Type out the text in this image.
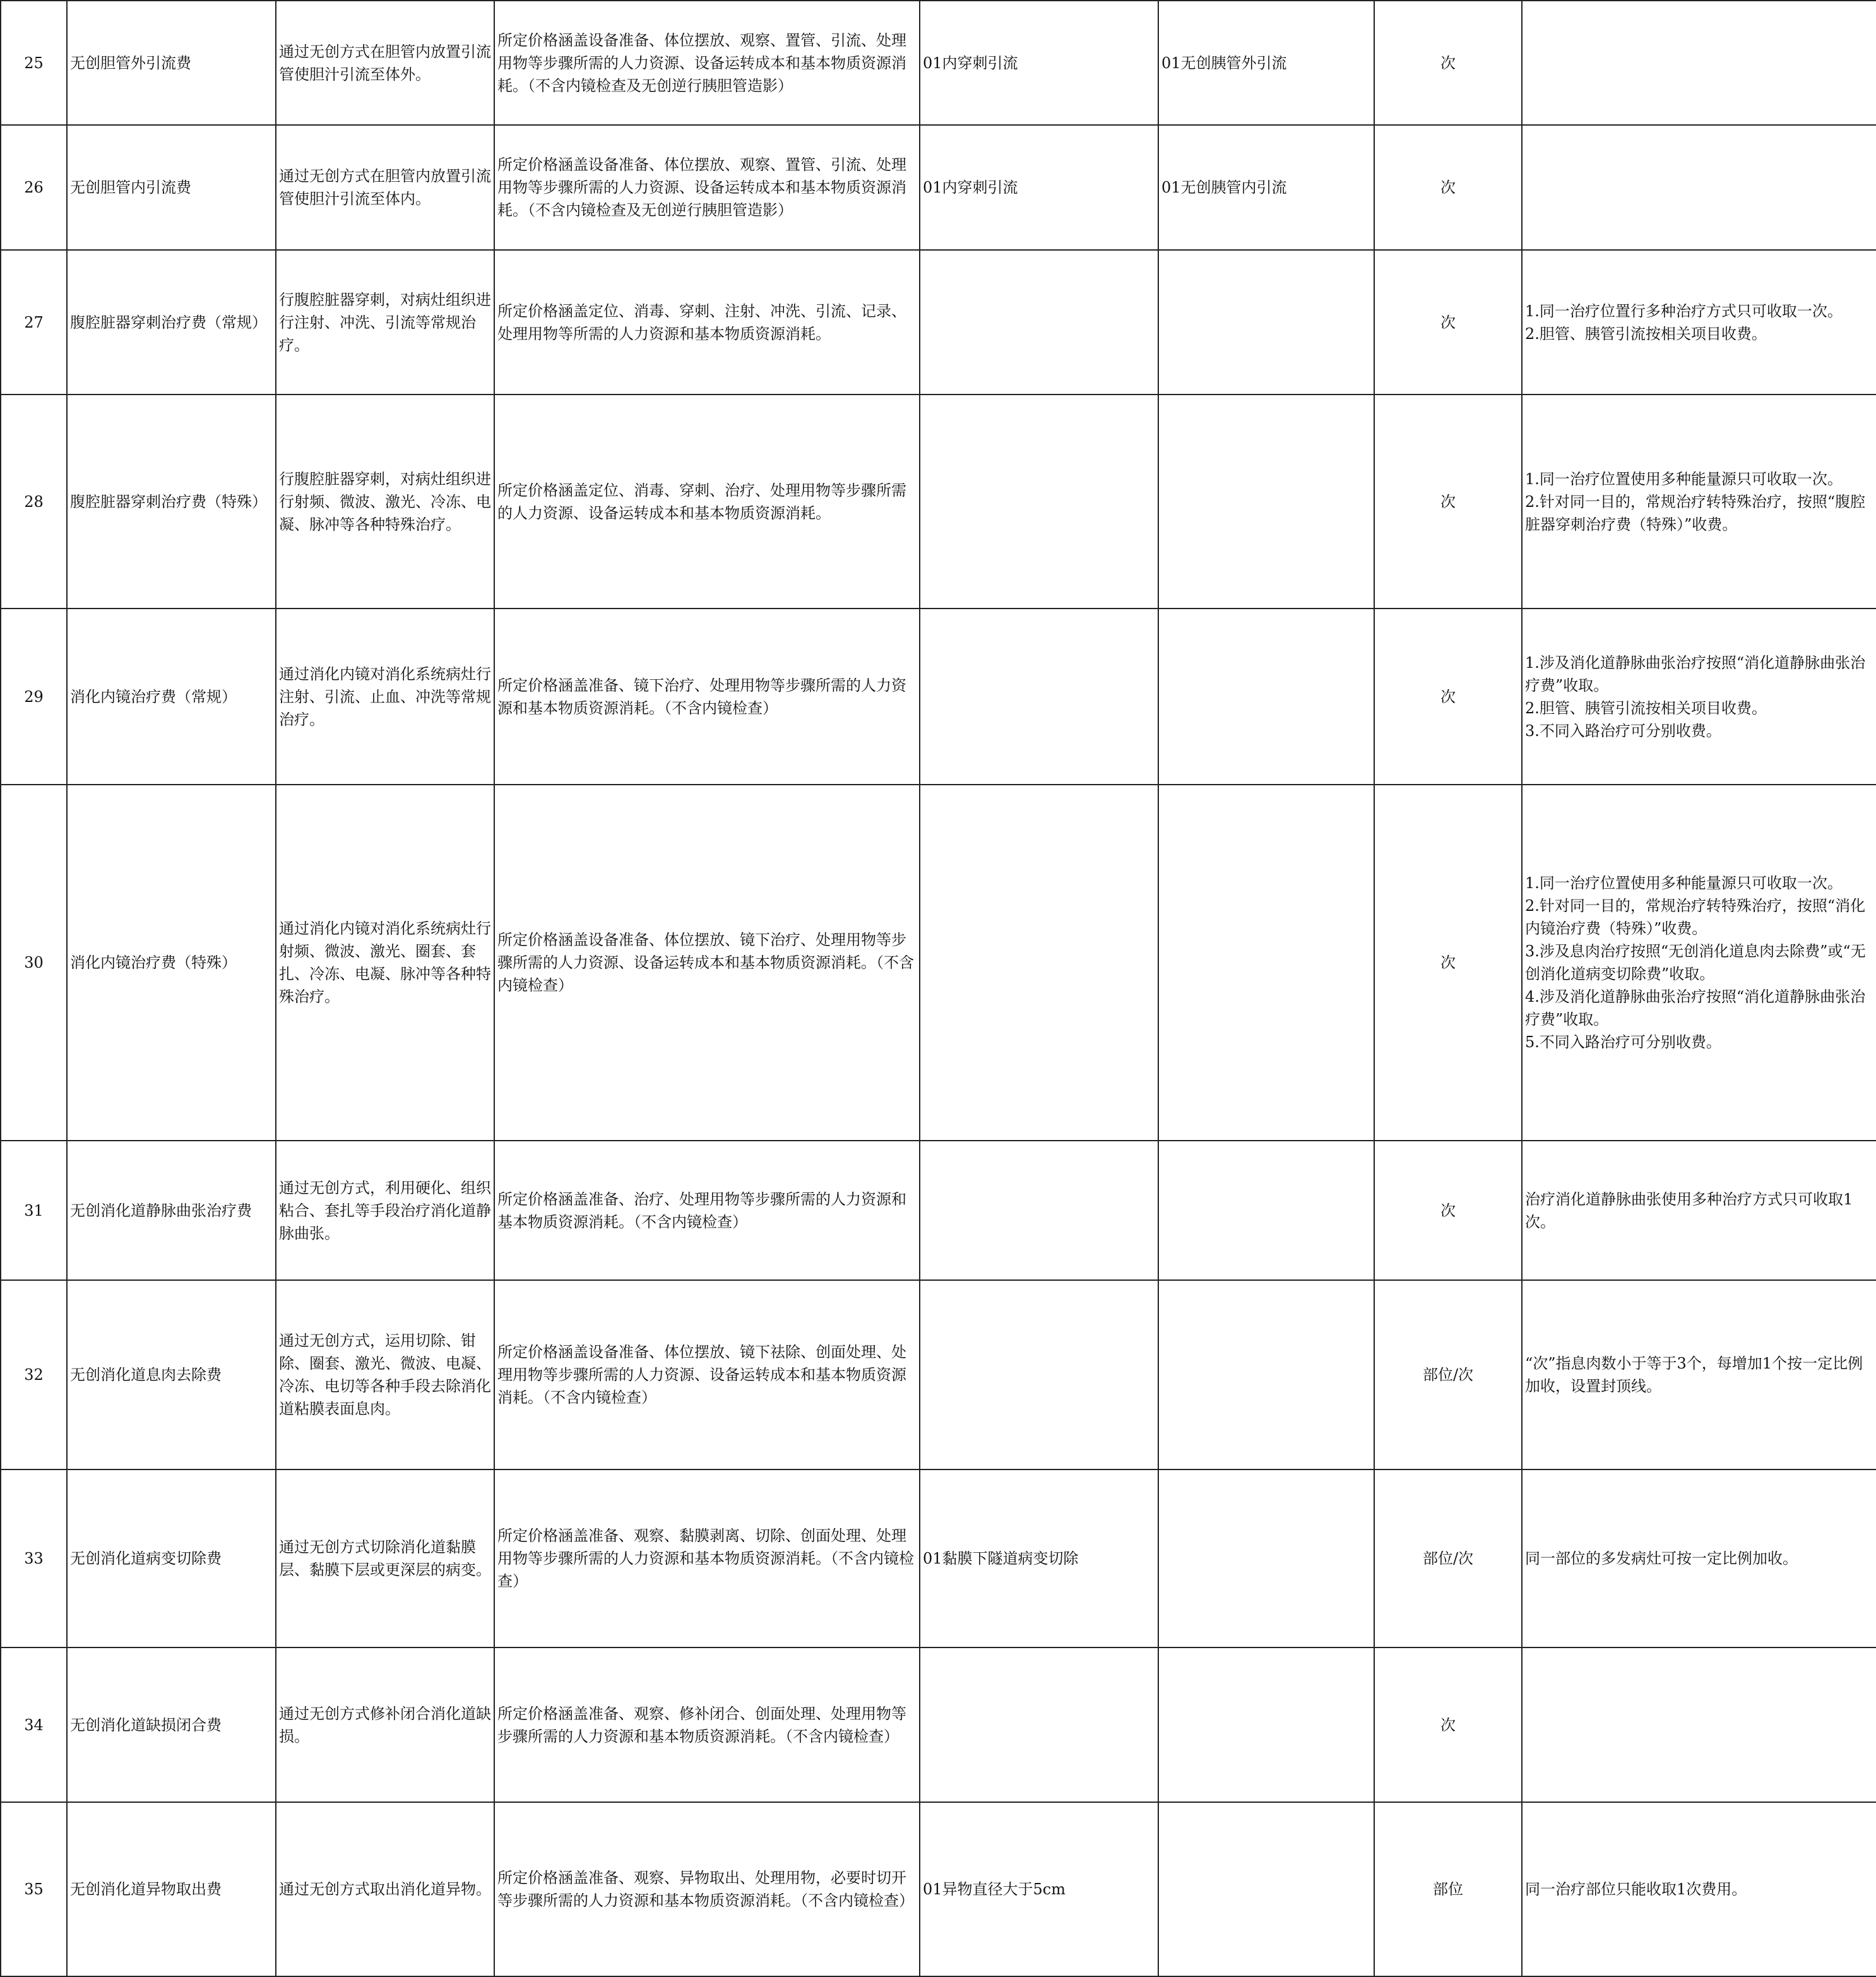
25	无创胆管外引流费	通过无创方式在胆管内放置引流管使胆汁引流至体外。	所定价格涵盖设备准备、体位摆放、观察、置管、引流、处理用物等步骤所需的人力资源、设备运转成本和基本物质资源消耗。（不含内镜检查及无创逆行胰胆管造影）	01内穿刺引流	01无创胰管外引流	次	
26	无创胆管内引流费	通过无创方式在胆管内放置引流管使胆汁引流至体内。	所定价格涵盖设备准备、体位摆放、观察、置管、引流、处理用物等步骤所需的人力资源、设备运转成本和基本物质资源消耗。（不含内镜检查及无创逆行胰胆管造影）	01内穿刺引流	01无创胰管内引流	次	
27	腹腔脏器穿刺治疗费（常规）	行腹腔脏器穿刺，对病灶组织进行注射、冲洗、引流等常规治疗。	所定价格涵盖定位、消毒、穿刺、注射、冲洗、引流、记录、处理用物等所需的人力资源和基本物质资源消耗。			次	1.同一治疗位置行多种治疗方式只可收取一次。
2.胆管、胰管引流按相关项目收费。
28	腹腔脏器穿刺治疗费（特殊）	行腹腔脏器穿刺，对病灶组织进行射频、微波、激光、冷冻、电凝、脉冲等各种特殊治疗。	所定价格涵盖定位、消毒、穿刺、治疗、处理用物等步骤所需的人力资源、设备运转成本和基本物质资源消耗。			次	1.同一治疗位置使用多种能量源只可收取一次。
2.针对同一目的，常规治疗转特殊治疗，按照“腹腔脏器穿刺治疗费（特殊）”收费。
29	消化内镜治疗费（常规）	通过消化内镜对消化系统病灶行注射、引流、止血、冲洗等常规治疗。	所定价格涵盖准备、镜下治疗、处理用物等步骤所需的人力资源和基本物质资源消耗。（不含内镜检查）			次	1.涉及消化道静脉曲张治疗按照“消化道静脉曲张治疗费”收取。
2.胆管、胰管引流按相关项目收费。
3.不同入路治疗可分别收费。
30	消化内镜治疗费（特殊）	通过消化内镜对消化系统病灶行射频、微波、激光、圈套、套扎、冷冻、电凝、脉冲等各种特殊治疗。	所定价格涵盖设备准备、体位摆放、镜下治疗、处理用物等步骤所需的人力资源、设备运转成本和基本物质资源消耗。（不含内镜检查）			次	1.同一治疗位置使用多种能量源只可收取一次。
2.针对同一目的，常规治疗转特殊治疗，按照“消化内镜治疗费（特殊）”收费。
3.涉及息肉治疗按照“无创消化道息肉去除费”或“无创消化道病变切除费”收取。
4.涉及消化道静脉曲张治疗按照“消化道静脉曲张治疗费”收取。
5.不同入路治疗可分别收费。
31	无创消化道静脉曲张治疗费	通过无创方式，利用硬化、组织粘合、套扎等手段治疗消化道静脉曲张。	所定价格涵盖准备、治疗、处理用物等步骤所需的人力资源和基本物质资源消耗。（不含内镜检查）			次	治疗消化道静脉曲张使用多种治疗方式只可收取1次。
32	无创消化道息肉去除费	通过无创方式，运用切除、钳除、圈套、激光、微波、电凝、冷冻、电切等各种手段去除消化道粘膜表面息肉。	所定价格涵盖设备准备、体位摆放、镜下祛除、创面处理、处理用物等步骤所需的人力资源、设备运转成本和基本物质资源消耗。（不含内镜检查）			部位/次	“次”指息肉数小于等于3个，每增加1个按一定比例加收，设置封顶线。
33	无创消化道病变切除费	通过无创方式切除消化道黏膜层、黏膜下层或更深层的病变。	所定价格涵盖准备、观察、黏膜剥离、切除、创面处理、处理用物等步骤所需的人力资源和基本物质资源消耗。（不含内镜检查）	01黏膜下隧道病变切除		部位/次	同一部位的多发病灶可按一定比例加收。
34	无创消化道缺损闭合费	通过无创方式修补闭合消化道缺损。	所定价格涵盖准备、观察、修补闭合、创面处理、处理用物等步骤所需的人力资源和基本物质资源消耗。（不含内镜检查）			次	
35	无创消化道异物取出费	通过无创方式取出消化道异物。	所定价格涵盖准备、观察、异物取出、处理用物，必要时切开等步骤所需的人力资源和基本物质资源消耗。（不含内镜检查）	01异物直径大于5cm		部位	同一治疗部位只能收取1次费用。
